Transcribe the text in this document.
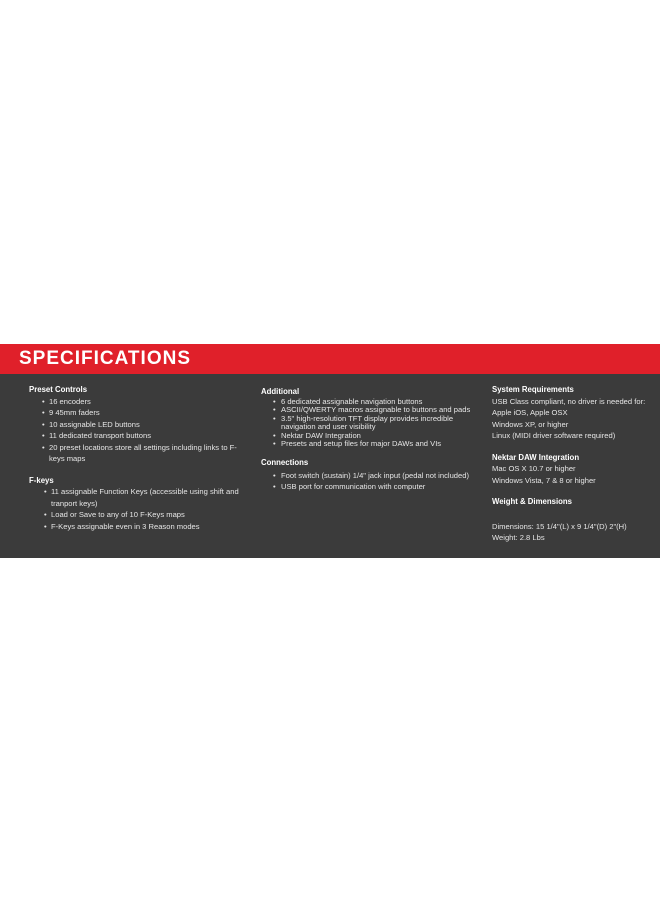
SPECIFICATIONS
Preset Controls
• 16 encoders
• 9 45mm faders
• 10 assignable LED buttons
• 11 dedicated transport buttons
• 20 preset locations store all settings including links to F-keys maps
F-keys
• 11 assignable Function Keys (accessible using shift and tranport keys)
• Load or Save to any of 10 F-Keys maps
• F-Keys assignable even in 3 Reason modes
Additional
• 6 dedicated assignable navigation buttons
• ASCII/QWERTY macros assignable to buttons and pads
• 3.5" high-resolution TFT display provides incredible navigation and user visibility
• Nektar DAW Integration
• Presets and setup files for major DAWs and VIs
Connections
• Foot switch (sustain) 1/4" jack input (pedal not included)
• USB port for communication with computer
System Requirements
USB Class compliant, no driver is needed for:
Apple iOS, Apple OSX
Windows XP, or higher
Linux (MIDI driver software required)
Nektar DAW Integration
Mac OS X 10.7 or higher
Windows Vista, 7 & 8 or higher
Weight & Dimensions
Dimensions: 15 1/4"(L) x 9 1/4"(D) 2"(H)
Weight: 2.8 Lbs
